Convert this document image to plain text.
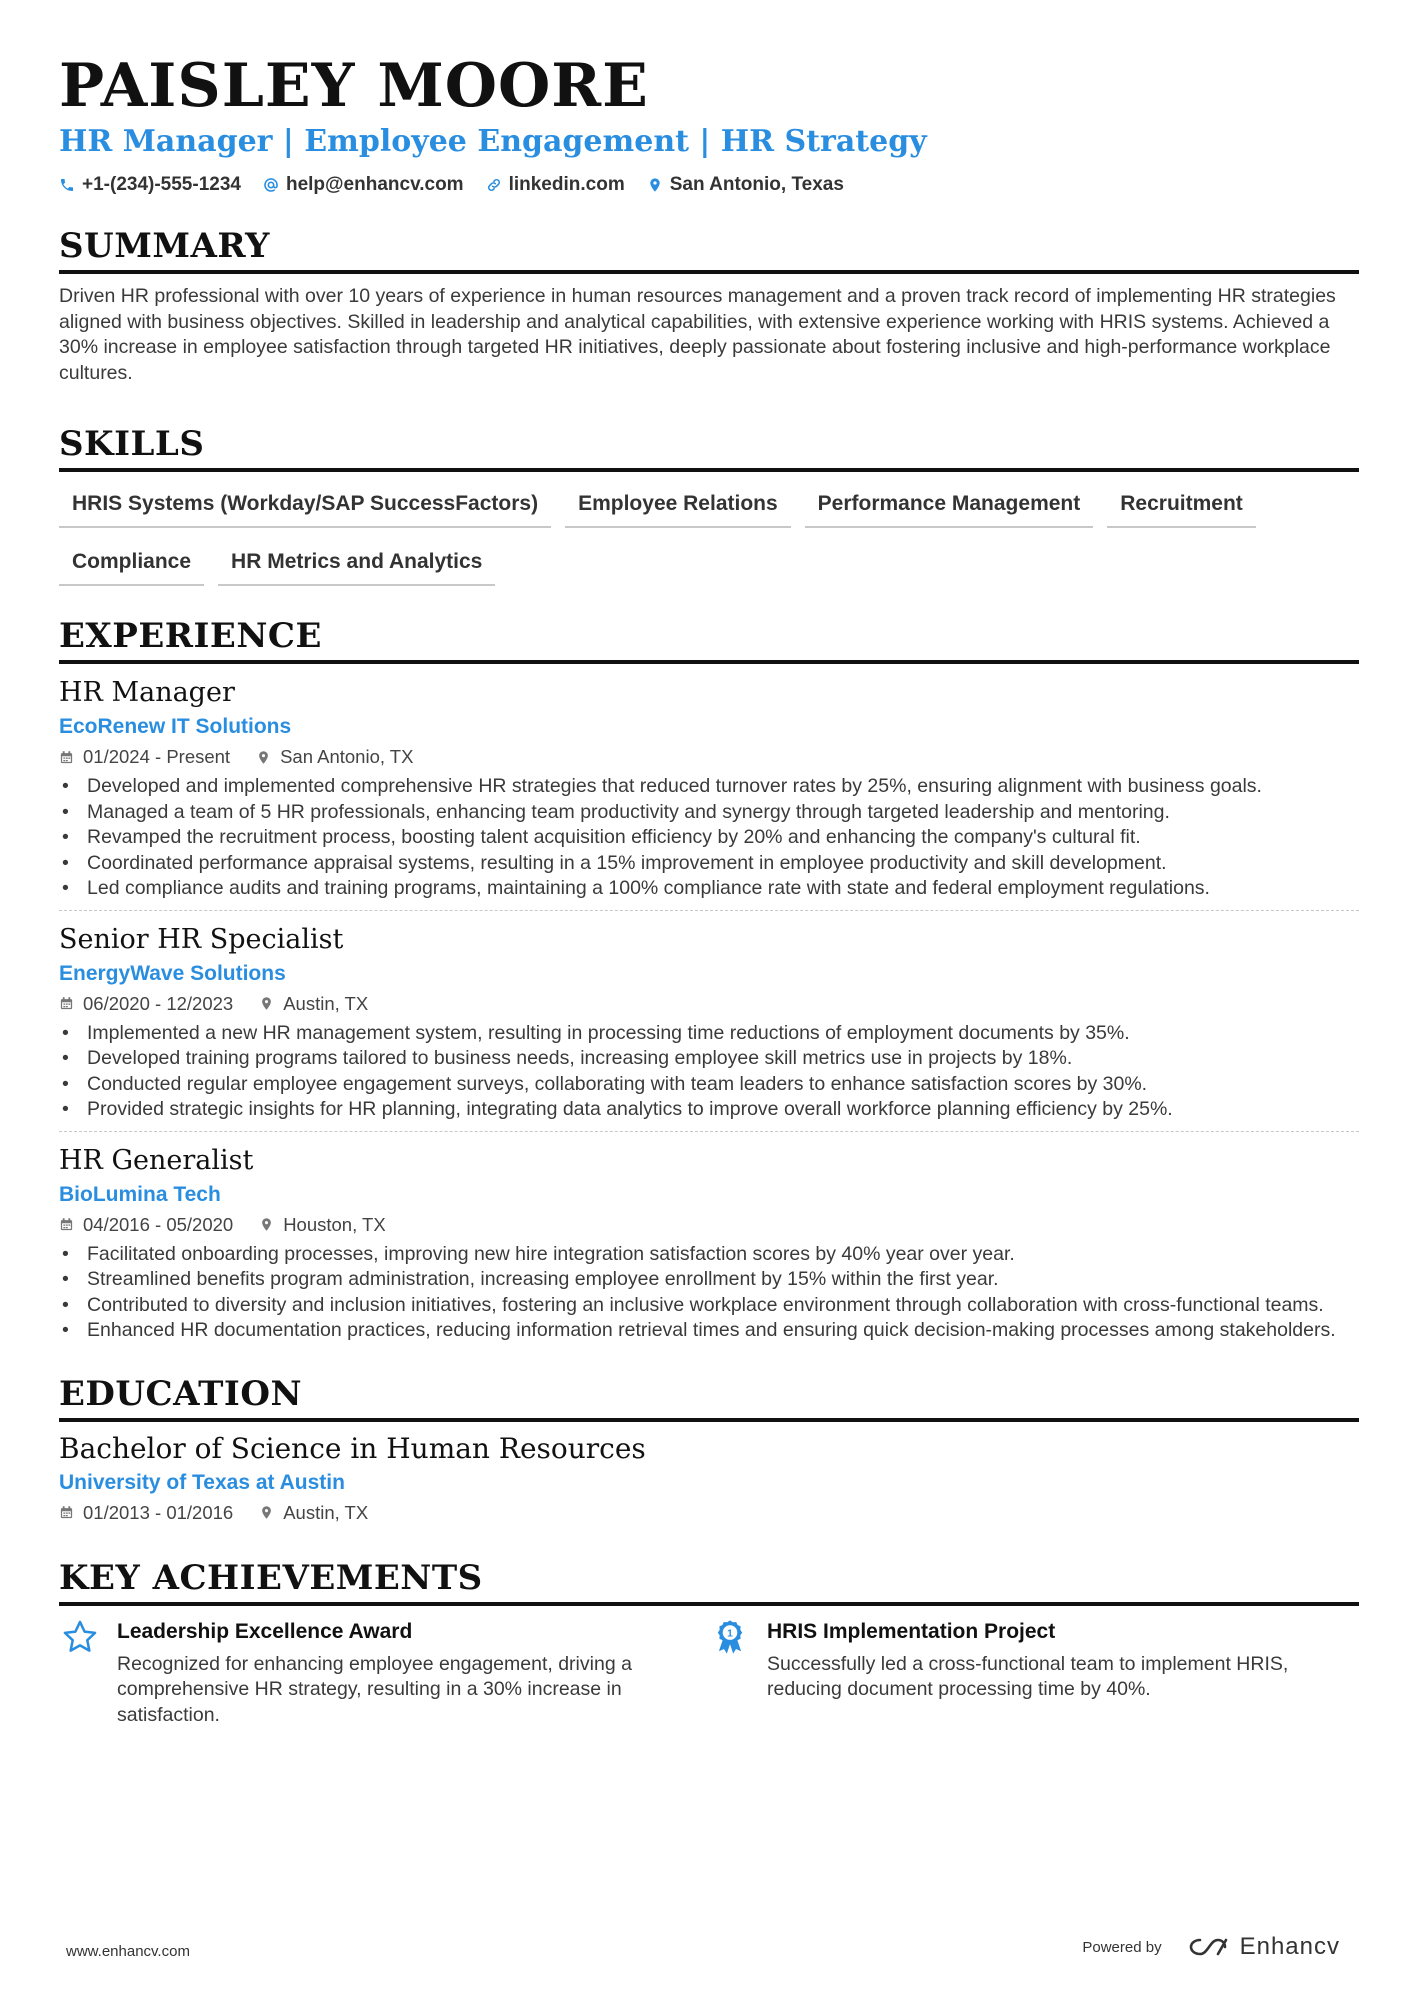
PAISLEY MOORE
HR Manager | Employee Engagement | HR Strategy
+1-(234)-555-1234 help@enhancv.com linkedin.com San Antonio, Texas
SUMMARY
Driven HR professional with over 10 years of experience in human resources management and a proven track record of implementing HR strategies aligned with business objectives. Skilled in leadership and analytical capabilities, with extensive experience working with HRIS systems. Achieved a 30% increase in employee satisfaction through targeted HR initiatives, deeply passionate about fostering inclusive and high-performance workplace cultures.
SKILLS
HRIS Systems (Workday/SAP SuccessFactors)	Employee Relations	Performance Management	Recruitment
Compliance	HR Metrics and Analytics
EXPERIENCE
HR Manager
EcoRenew IT Solutions
01/2024 - Present	San Antonio, TX
• Developed and implemented comprehensive HR strategies that reduced turnover rates by 25%, ensuring alignment with business goals.
• Managed a team of 5 HR professionals, enhancing team productivity and synergy through targeted leadership and mentoring.
• Revamped the recruitment process, boosting talent acquisition efficiency by 20% and enhancing the company's cultural fit.
• Coordinated performance appraisal systems, resulting in a 15% improvement in employee productivity and skill development.
• Led compliance audits and training programs, maintaining a 100% compliance rate with state and federal employment regulations.
Senior HR Specialist
EnergyWave Solutions
06/2020 - 12/2023	Austin, TX
• Implemented a new HR management system, resulting in processing time reductions of employment documents by 35%.
• Developed training programs tailored to business needs, increasing employee skill metrics use in projects by 18%.
• Conducted regular employee engagement surveys, collaborating with team leaders to enhance satisfaction scores by 30%.
• Provided strategic insights for HR planning, integrating data analytics to improve overall workforce planning efficiency by 25%.
HR Generalist
BioLumina Tech
04/2016 - 05/2020	Houston, TX
• Facilitated onboarding processes, improving new hire integration satisfaction scores by 40% year over year.
• Streamlined benefits program administration, increasing employee enrollment by 15% within the first year.
• Contributed to diversity and inclusion initiatives, fostering an inclusive workplace environment through collaboration with cross-functional teams.
• Enhanced HR documentation practices, reducing information retrieval times and ensuring quick decision-making processes among stakeholders.
EDUCATION
Bachelor of Science in Human Resources
University of Texas at Austin
01/2013 - 01/2016	Austin, TX
KEY ACHIEVEMENTS
Leadership Excellence Award
Recognized for enhancing employee engagement, driving a comprehensive HR strategy, resulting in a 30% increase in satisfaction.
1 HRIS Implementation Project
Successfully led a cross-functional team to implement HRIS, reducing document processing time by 40%.
www.enhancv.com	Powered by	Enhancv
